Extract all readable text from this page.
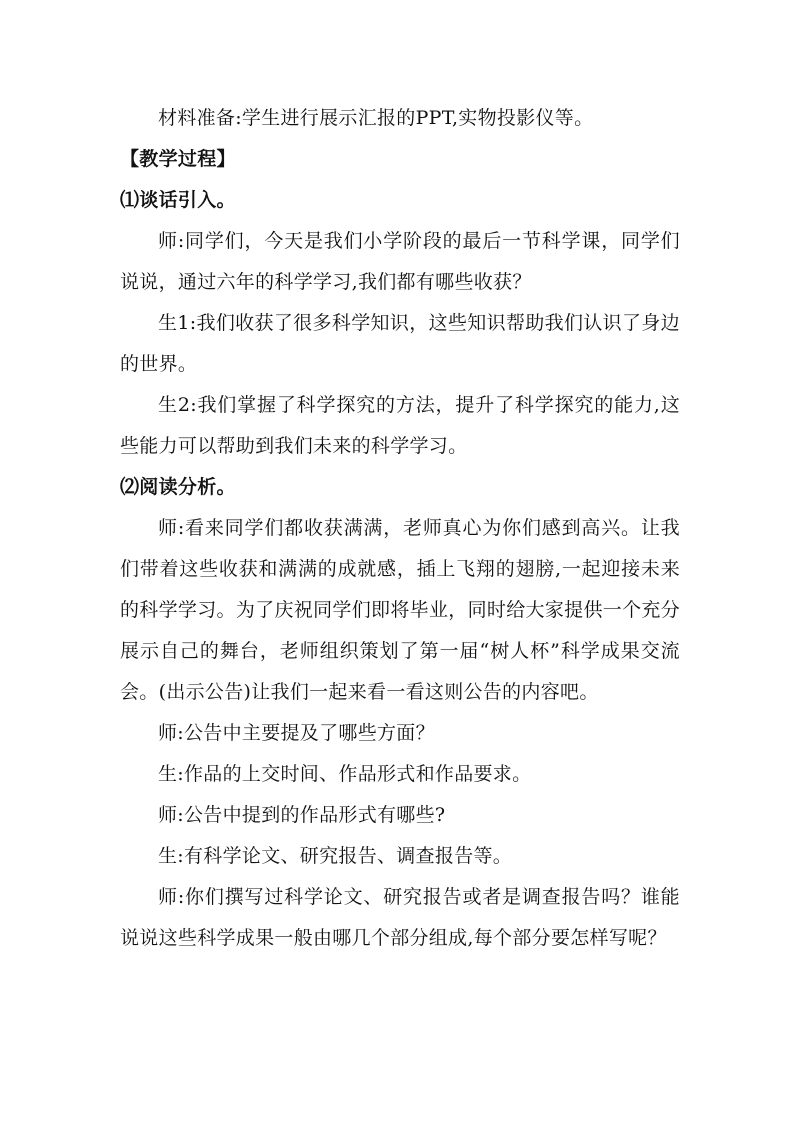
材料准备:学生进行展示汇报的PPT,实物投影仪等。

【教学过程】

⑴谈话引入。

师:同学们，今天是我们小学阶段的最后一节科学课，同学们说说，通过六年的科学学习,我们都有哪些收获？

生1:我们收获了很多科学知识，这些知识帮助我们认识了身边的世界。

生2:我们掌握了科学探究的方法，提升了科学探究的能力,这些能力可以帮助到我们未来的科学学习。

⑵阅读分析。

师:看来同学们都收获满满，老师真心为你们感到高兴。让我们带着这些收获和满满的成就感，插上飞翔的翅膀,一起迎接未来的科学学习。为了庆祝同学们即将毕业，同时给大家提供一个充分展示自己的舞台，老师组织策划了第一届“树人杯”科学成果交流会。(出示公告)让我们一起来看一看这则公告的内容吧。

师:公告中主要提及了哪些方面？

生:作品的上交时间、作品形式和作品要求。

师:公告中提到的作品形式有哪些?

生:有科学论文、研究报告、调查报告等。

师:你们撰写过科学论文、研究报告或者是调查报告吗？谁能说说这些科学成果一般由哪几个部分组成,每个部分要怎样写呢？
